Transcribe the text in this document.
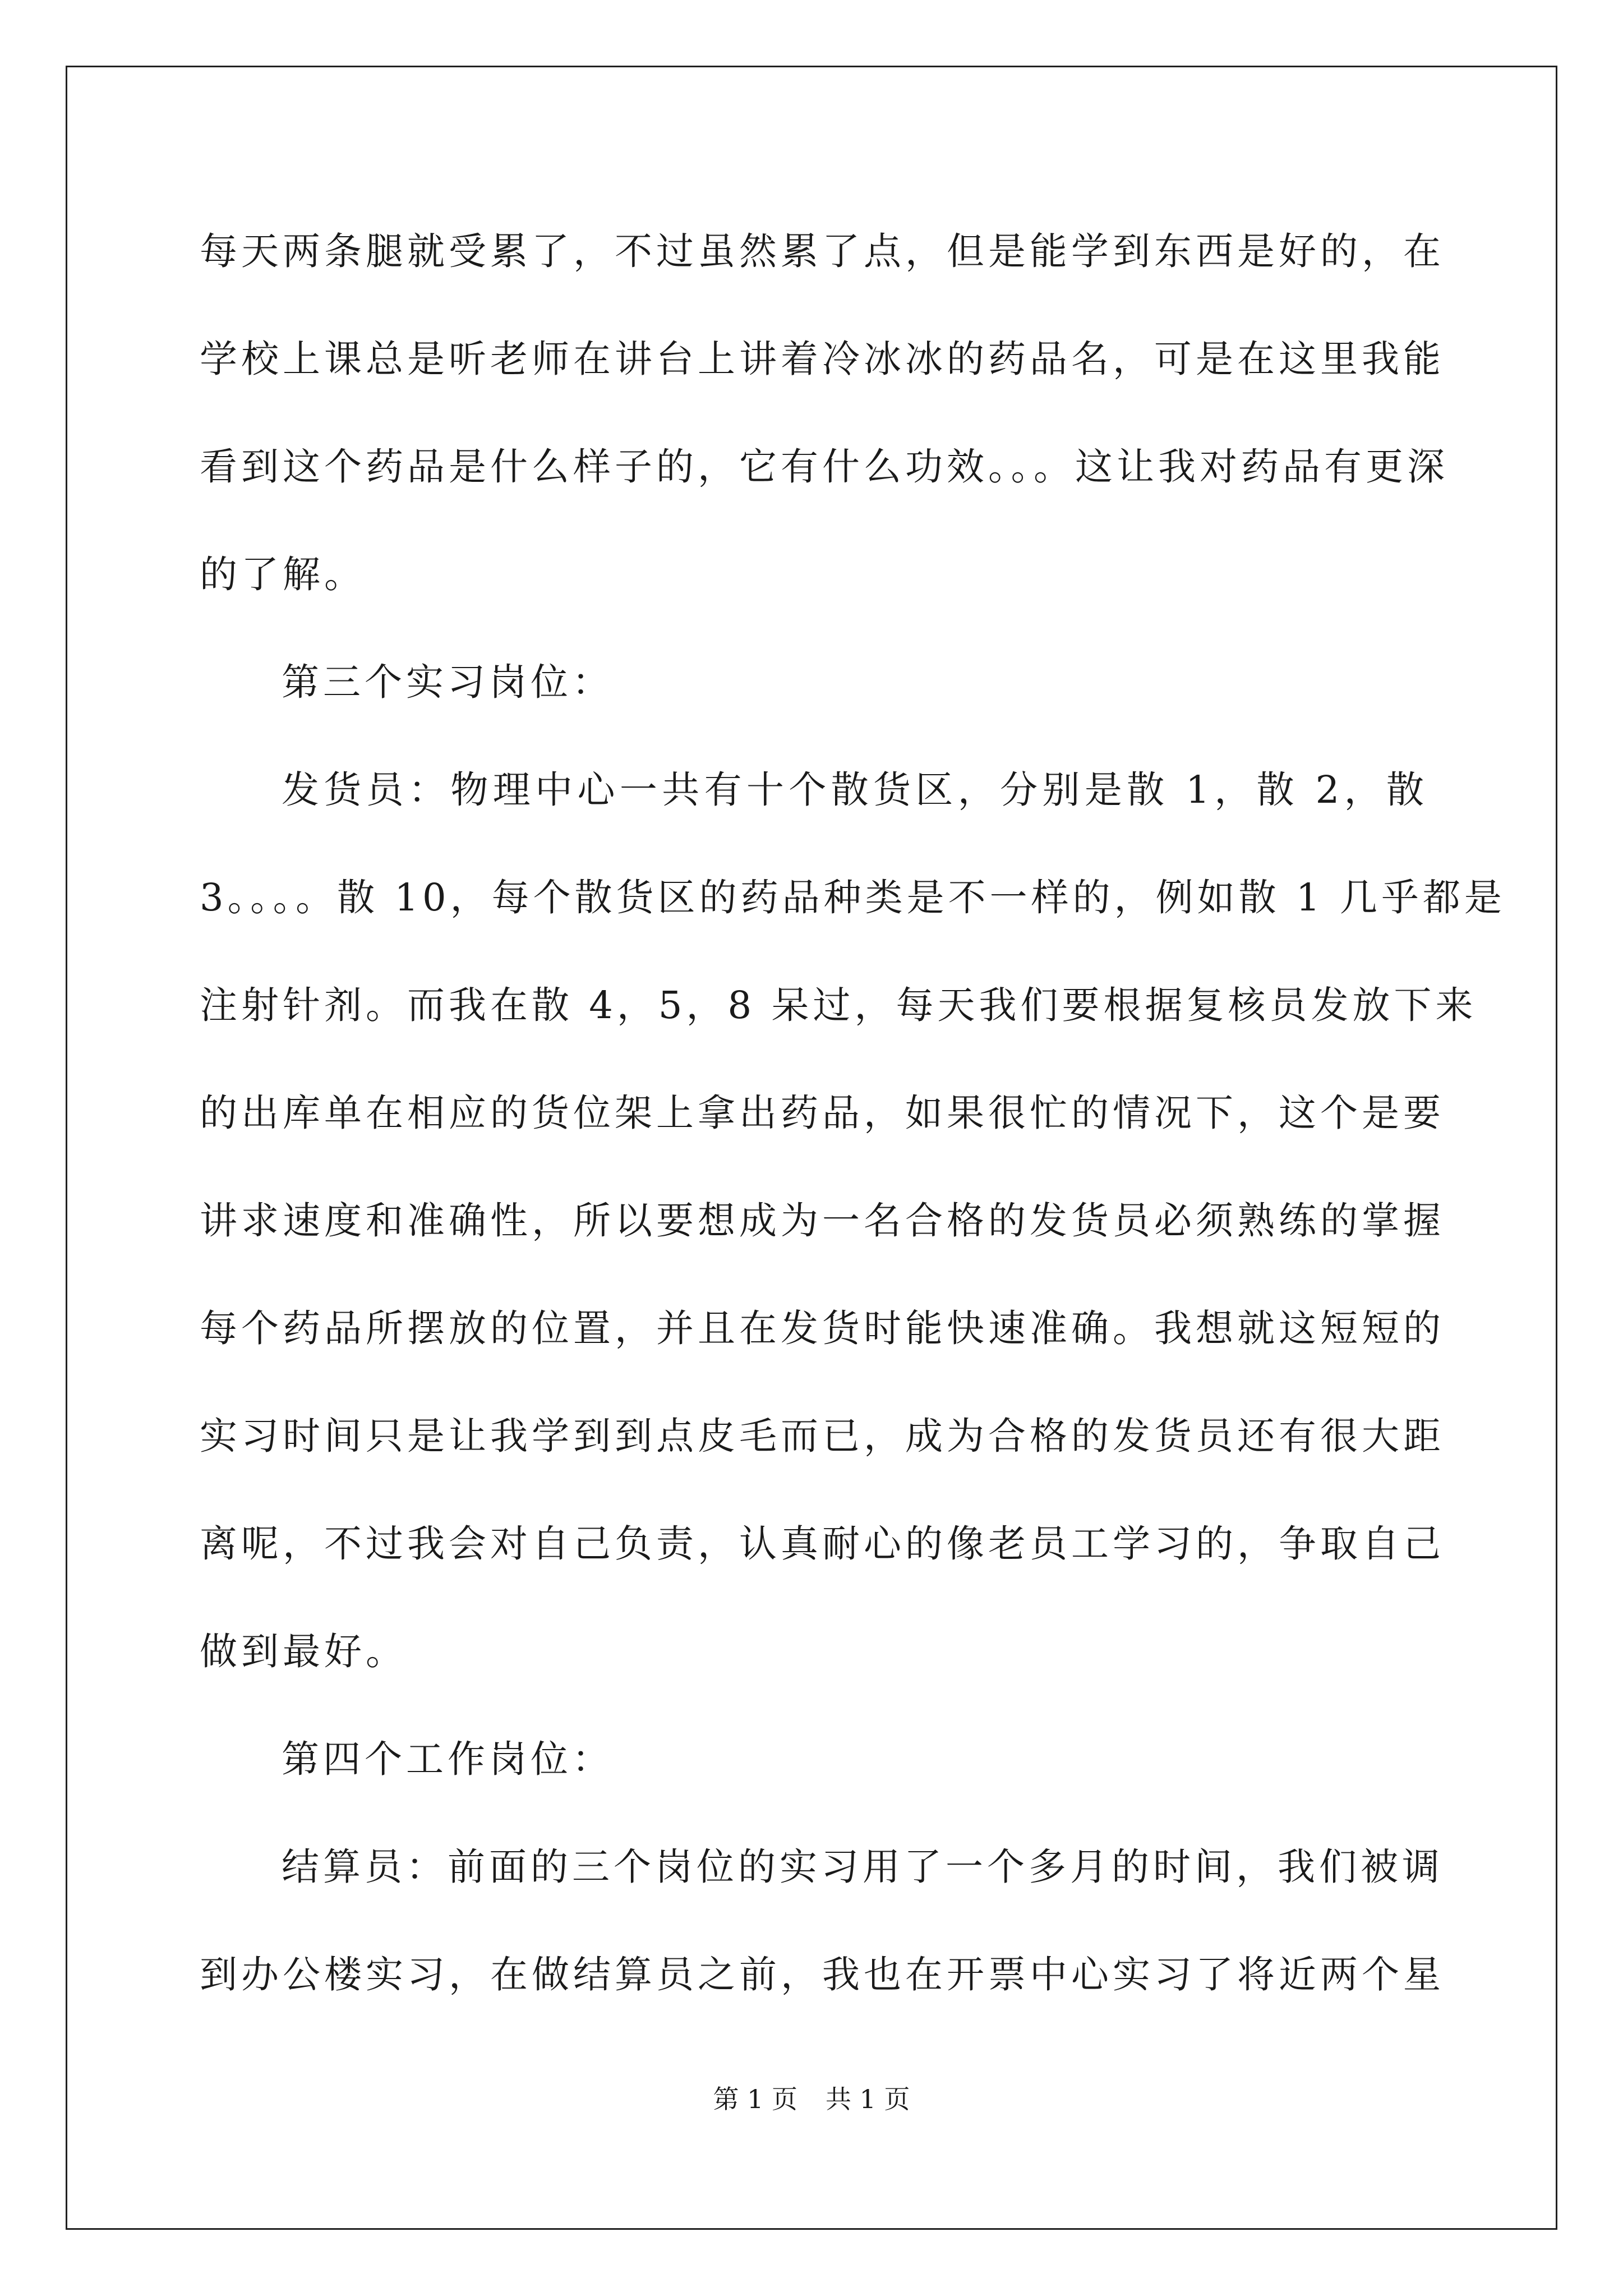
每天两条腿就受累了，不过虽然累了点，但是能学到东西是好的，在
学校上课总是听老师在讲台上讲着冷冰冰的药品名，可是在这里我能
看到这个药品是什么样子的，它有什么功效。。。这让我对药品有更深
的了解。
第三个实习岗位：
发货员：物理中心一共有十个散货区，分别是散 1，散 2，散
3。。。。散 10，每个散货区的药品种类是不一样的，例如散 1 几乎都是
注射针剂。而我在散 4，5，8 呆过，每天我们要根据复核员发放下来
的出库单在相应的货位架上拿出药品，如果很忙的情况下，这个是要
讲求速度和准确性，所以要想成为一名合格的发货员必须熟练的掌握
每个药品所摆放的位置，并且在发货时能快速准确。我想就这短短的
实习时间只是让我学到到点皮毛而已，成为合格的发货员还有很大距
离呢，不过我会对自己负责，认真耐心的像老员工学习的，争取自己
做到最好。
第四个工作岗位：
结算员：前面的三个岗位的实习用了一个多月的时间，我们被调
到办公楼实习，在做结算员之前，我也在开票中心实习了将近两个星
第 1 页 共 1 页
